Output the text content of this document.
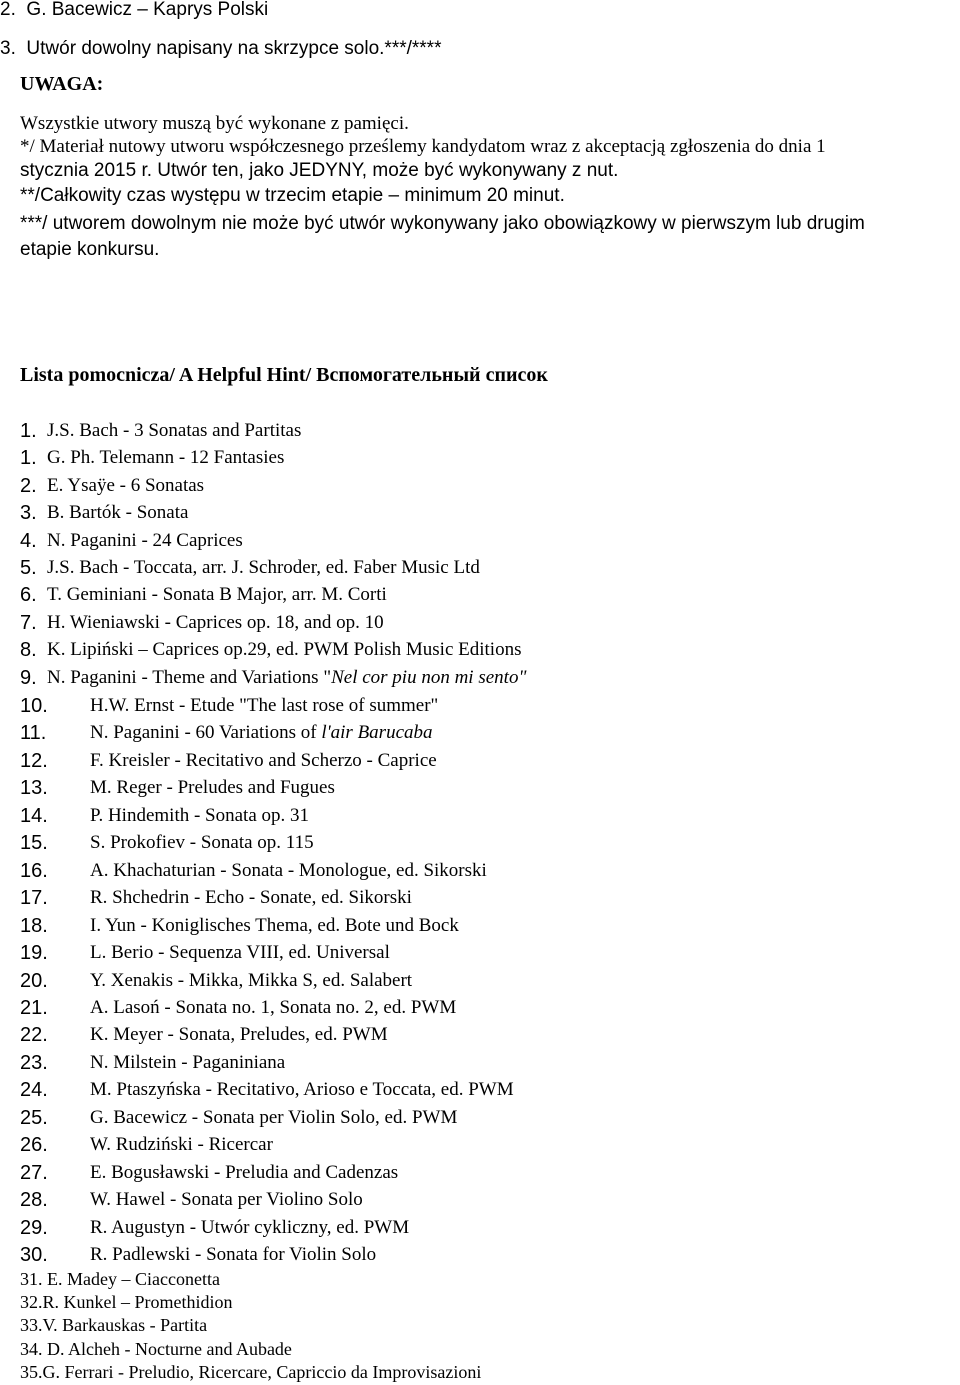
2. G. Bacewicz – Kaprys Polski
3. Utwór dowolny napisany na skrzypce solo.***/****
UWAGA:
Wszystkie utwory muszą być wykonane z pamięci.
*/ Materiał nutowy utworu współczesnego prześlemy kandydatom wraz z akceptacją zgłoszenia do dnia 1
stycznia 2015 r. Utwór ten, jako JEDYNY, może być wykonywany z nut.
**/Całkowity czas występu w trzecim etapie – minimum 20 minut.
***/ utworem dowolnym nie może być utwór wykonywany jako obowiązkowy w pierwszym lub drugim
etapie konkursu.
Lista pomocnicza/ A Helpful Hint/ Вспомогательный список
1. J.S. Bach - 3 Sonatas and Partitas
1. G. Ph. Telemann - 12 Fantasies
2. E. Ysaÿe - 6 Sonatas
3. B. Bartók - Sonata
4. N. Paganini - 24 Caprices
5. J.S. Bach - Toccata, arr. J. Schroder, ed. Faber Music Ltd
6. T. Geminiani - Sonata B Major, arr. M. Corti
7. H. Wieniawski - Caprices op. 18, and op. 10
8. K. Lipiński – Caprices op.29, ed. PWM Polish Music Editions
9. N. Paganini - Theme and Variations "Nel cor piu non mi sento"
10. H.W. Ernst - Etude "The last rose of summer"
11. N. Paganini - 60 Variations of l'air Barucaba
12. F. Kreisler - Recitativo and Scherzo - Caprice
13. M. Reger - Preludes and Fugues
14. P. Hindemith - Sonata op. 31
15. S. Prokofiev - Sonata op. 115
16. A. Khachaturian - Sonata - Monologue, ed. Sikorski
17. R. Shchedrin - Echo - Sonate, ed. Sikorski
18. I. Yun - Koniglisches Thema, ed. Bote und Bock
19. L. Berio - Sequenza VIII, ed. Universal
20. Y. Xenakis - Mikka, Mikka S, ed. Salabert
21. A. Lasoń - Sonata no. 1, Sonata no. 2, ed. PWM
22. K. Meyer - Sonata, Preludes, ed. PWM
23. N. Milstein - Paganiniana
24. M. Ptaszyńska - Recitativo, Arioso e Toccata, ed. PWM
25. G. Bacewicz - Sonata per Violin Solo, ed. PWM
26. W. Rudziński - Ricercar
27. E. Bogusławski - Preludia and Cadenzas
28. W. Hawel - Sonata per Violino Solo
29. R. Augustyn - Utwór cykliczny, ed. PWM
30. R. Padlewski - Sonata for Violin Solo
31. E. Madey – Ciacconetta
32.R. Kunkel – Promethidion
33.V. Barkauskas - Partita
34. D. Alcheh - Nocturne and Aubade
35.G. Ferrari - Preludio, Ricercare, Capriccio da Improvisazioni
